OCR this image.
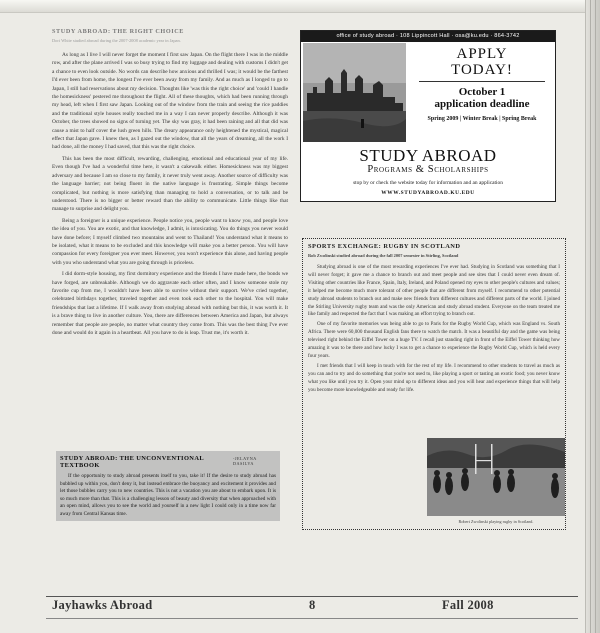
STUDY ABROAD: THE RIGHT CHOICE
Dori White studied abroad during the 2007-2008 academic year in Japan.

As long as I live I will never forget the moment I first saw Japan. On the flight there I was in the middle row, and after the plane arrived I was so busy trying to find my luggage and dealing with customs I didn't get a chance to even look outside. No words can describe how anxious and thrilled I was; it would be the farthest I'd ever been from home, the longest I've ever been away from my family. And as much as I longed to go to Japan, I still had reservations about my decision. Thoughts like 'was this the right choice' and 'could I handle the homesickness' pestered me throughout the flight. All of these thoughts, which had been running through my head, left when I first saw Japan. Looking out of the window from the train and seeing the rice paddies and the traditional style houses really touched me in a way I can never properly describe. Although it was October, the trees showed no signs of turning yet. The sky was gray, it had been raining and all that did was cause a mist to half cover the lush green hills. The dreary appearance only heightened the mystical, magical effect that Japan gave. I knew then, as I gazed out the window, that all the years of dreaming, all the work I had done, all the money I had saved, that this was the right choice.

This has been the most difficult, rewarding, challenging, emotional and educational year of my life. Even though I've had a wonderful time here, it wasn't a cakewalk either. Homesickness was my biggest adversary and because I am so close to my family, it never truly went away. Another source of difficulty was the language barrier; not being fluent in the native language is frustrating. Simple things become complicated, but nothing is more satisfying than managing to hold a conversation, or to talk and be understood. There is no bigger or better reward than the ability to communicate. Little things like that manage to surprise and delight you.

Being a foreigner is a unique experience. People notice you, people want to know you, and people love the idea of you. You are exotic, and that knowledge, I admit, is intoxicating. You do things you never would have done before; I myself climbed two mountains and went to Thailand! You understand what it means to be isolated, what it means to be excluded and this knowledge will make you a better person. You will have compassion for every foreigner you ever meet. However, you won't experience this alone, and having people with you who understand what you are going through is priceless.

I did dorm-style housing, my first dormitory experience and the friends I have made here, the bonds we have forged, are unbreakable. Although we do aggravate each other often, and I know someone stole my favorite cup from me, I wouldn't have been able to survive without their support. We've cried together, celebrated birthdays together, traveled together and even took each other to the hospital. You will make friendships that last a lifetime. If I walk away from studying abroad with nothing but this, it was worth it. It is a brave thing to live in another culture. You, there are differences between America and Japan, but always remember that people are people, no matter what country they come from. This was the best thing I've ever done and would do it again in a heartbeat. All you have to do is leap. Trust me, it's worth it.

STUDY ABROAD: THE UNCONVENTIONAL TEXTBOOK
-JELAYNA DASILVA

If the opportunity to study abroad presents itself to you, take it! If the desire to study abroad has bubbled up within you, don't deny it, but instead embrace the buoyancy and excitement it provides and let those bubbles carry you to new countries. This is not a vacation you are about to embark upon. It is so much more than that. This is a challenging lesson of beauty and diversity that when approached with an open mind, allows you to see the world and yourself in a new light I could only in a time now far away from Central Kansas time.

office of study abroad · 108 Lippincott Hall · osa@ku.edu · 864-3742
APPLY
TODAY!
October 1
application deadline
Spring 2009 | Winter Break | Spring Break
STUDY ABROAD
Programs & Scholarships
stop by or check the website today for information and an application
WWW.STUDYABROAD.KU.EDU
SPORTS EXCHANGE: RUGBY IN SCOTLAND
Rob Zwolinski studied abroad during the fall 2007 semester in Stirling, Scotland

Studying abroad is one of the most rewarding experiences I've ever had. Studying in Scotland was something that I will never forget; it gave me a chance to branch out and meet people and see sites that I could never even dream of. Visiting other countries like France, Spain, Italy, Ireland, and Poland opened my eyes to other people's cultures and values; it helped me become much more tolerant of other people that are different from myself. I recommend to other potential study abroad students to branch out and make new friends from different cultures and different parts of the world. I joined the Stirling University rugby team and was the only American and study abroad student. Everyone on the team treated me like family and respected the fact that I was making an effort trying to branch out.

One of my favorite memories was being able to go to Paris for the Rugby World Cup, which was England vs. South Africa. There were 60,000 thousand English fans there to watch the match. It was a beautiful day and the game was being televised right behind the Eiffel Tower on a huge TV. I recall just standing right in front of the Eiffel Tower thinking how amazing it was to be there and how lucky I was to get a chance to experience the Rugby World Cup, which is held every four years.

I met friends that I will keep in touch with for the rest of my life. I recommend to other students to travel as much as you can and to try and do something that you're not used to, like playing a sport or tasting an exotic food; you never know what you like until you try it. Open your mind up to different ideas and you will hear and experience things that will help you become more knowledgeable and ready for life.

Robert Zwolinski playing rugby in Scotland.
Jayhawks Abroad	8	Fall 2008
